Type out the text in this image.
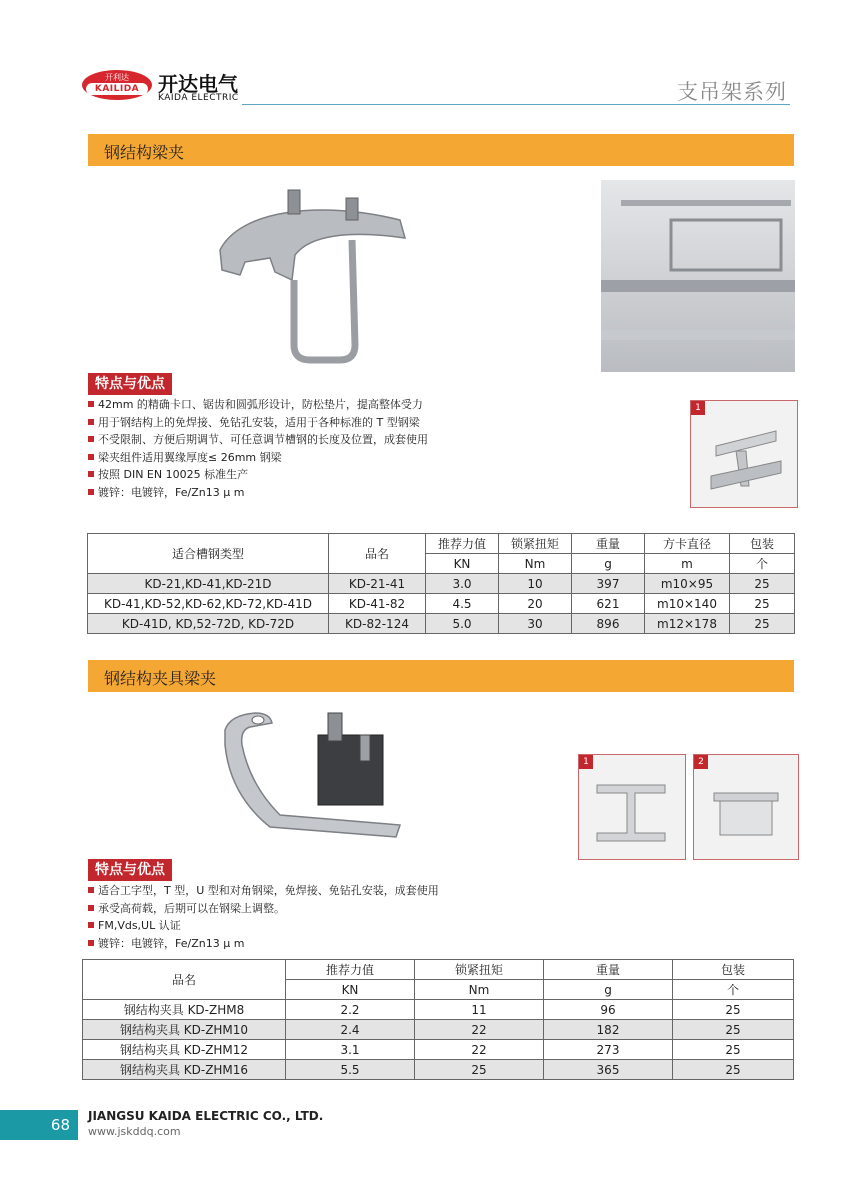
开利达
KAILIDA 开达电气
KAIDA ELECTRIC	支吊架系列
钢结构梁夹
特点与优点
42mm 的精确卡口、锯齿和圆弧形设计，防松垫片，提高整体受力
用于钢结构上的免焊接、免钻孔安装，适用于各种标准的 T 型钢梁
不受限制、方便后期调节、可任意调节槽钢的长度及位置，成套使用
梁夹组件适用翼缘厚度≤ 26mm 钢梁
按照 DIN EN 10025 标准生产
镀锌：电镀锌，Fe/Zn13 μ m
1
适合槽钢类型	品名	推荐力值	锁紧扭矩	重量	方卡直径	包装
		KN	Nm	g	m	个
KD-21,KD-41,KD-21D	KD-21-41	3.0	10	397	m10×95	25
KD-41,KD-52,KD-62,KD-72,KD-41D	KD-41-82	4.5	20	621	m10×140	25
KD-41D, KD,52-72D, KD-72D	KD-82-124	5.0	30	896	m12×178	25
钢结构夹具梁夹
1	2
特点与优点
适合工字型，T 型，U 型和对角钢梁，免焊接、免钻孔安装，成套使用
承受高荷载，后期可以在钢梁上调整。
FM,Vds,UL 认证
镀锌：电镀锌，Fe/Zn13 μ m
品名	推荐力值	锁紧扭矩	重量	包装
	KN	Nm	g	个
钢结构夹具 KD-ZHM8	2.2	11	96	25
钢结构夹具 KD-ZHM10	2.4	22	182	25
钢结构夹具 KD-ZHM12	3.1	22	273	25
钢结构夹具 KD-ZHM16	5.5	25	365	25
68 JIANGSU KAIDA ELECTRIC CO., LTD.
www.jskddq.com
